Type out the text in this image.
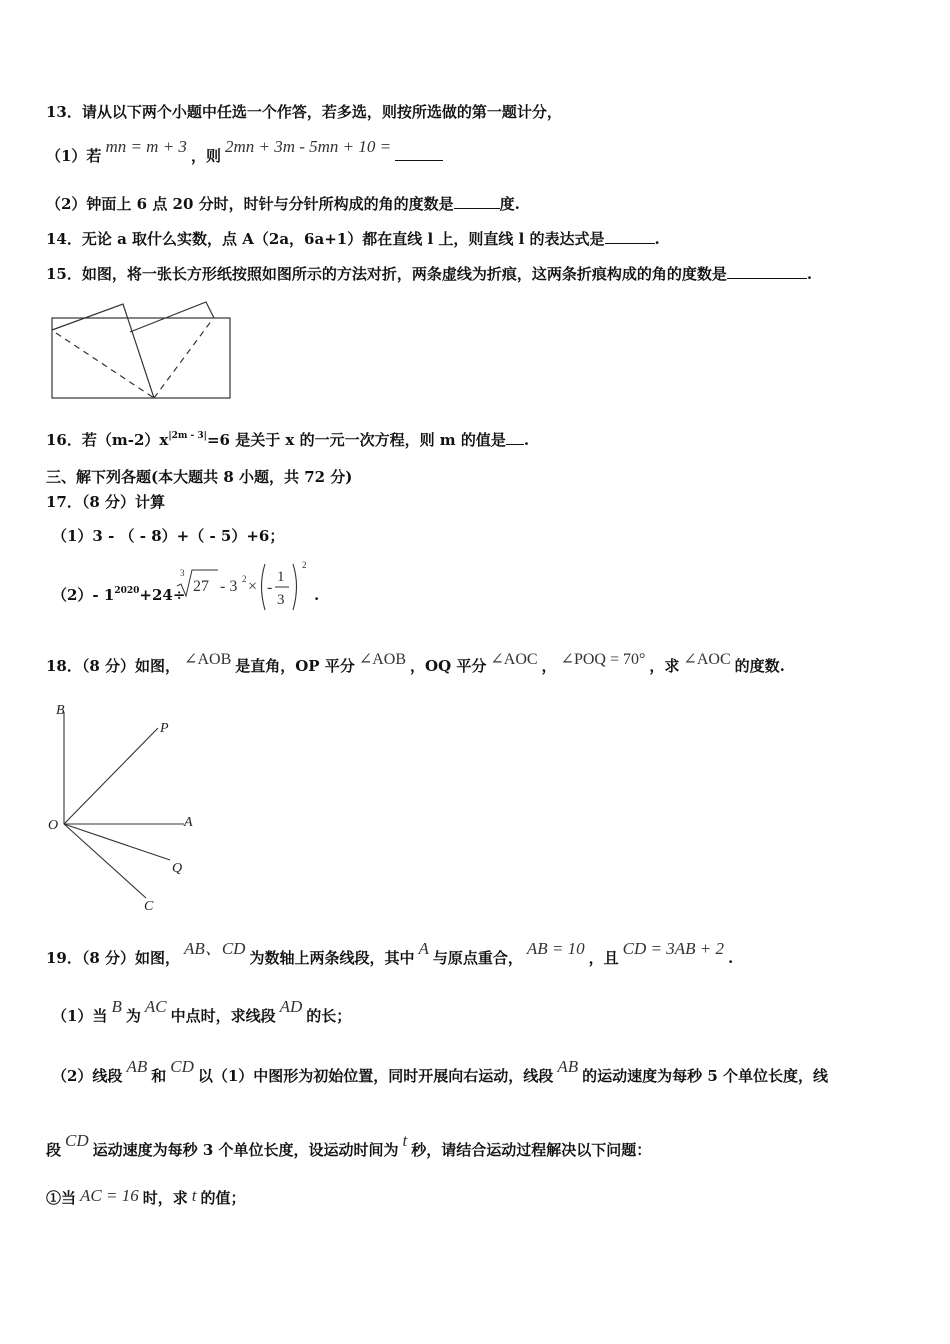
13．请从以下两个小题中任选一个作答，若多选，则按所选做的第一题计分，
（1）若 mn = m + 3 ，则 2mn + 3m - 5mn + 10 =
（2）钟面上 6 点 20 分时，时针与分针所构成的角的度数是	度.
14．无论 a 取什么实数，点 A（2a，6a+1）都在直线 l 上，则直线 l 的表达式是	.
15．如图，将一张长方形纸按照如图所示的方法对折，两条虚线为折痕，这两条折痕构成的角的度数是	.
16．若$(m-2)x^{|2m - 3|}=6$ 是关于 x 的一元一次方程，则 m 的值是 .
三、解下列各题(本大题共 8 小题，共 72 分)
17．（8 分）计算
（1）3 - （ - 8）+（ - 5）+6；
（2）- $1^{2020}+24\div$
3
27 - 3 2 × -
1
3
2
.
18．（8 分）如图， ∠AOB 是直角，OP 平分 ∠AOB ，OQ 平分 ∠AOC ， ∠POQ = 70° ，求 ∠AOC 的度数.
B
P
O	A
Q
C
19．（8 分）如图， AB、CD 为数轴上两条线段，其中 A 与原点重合， AB = 10 ，且 CD = 3AB + 2 .
（1）当 B 为 AC 中点时，求线段 AD 的长；
（2）线段 AB 和 CD 以（1）中图形为初始位置，同时开展向右运动，线段 AB 的运动速度为每秒 5 个单位长度，线
段 CD 运动速度为每秒 3 个单位长度，设运动时间为 t 秒，请结合运动过程解决以下问题：
①当 AC = 16 时，求 t 的值；
